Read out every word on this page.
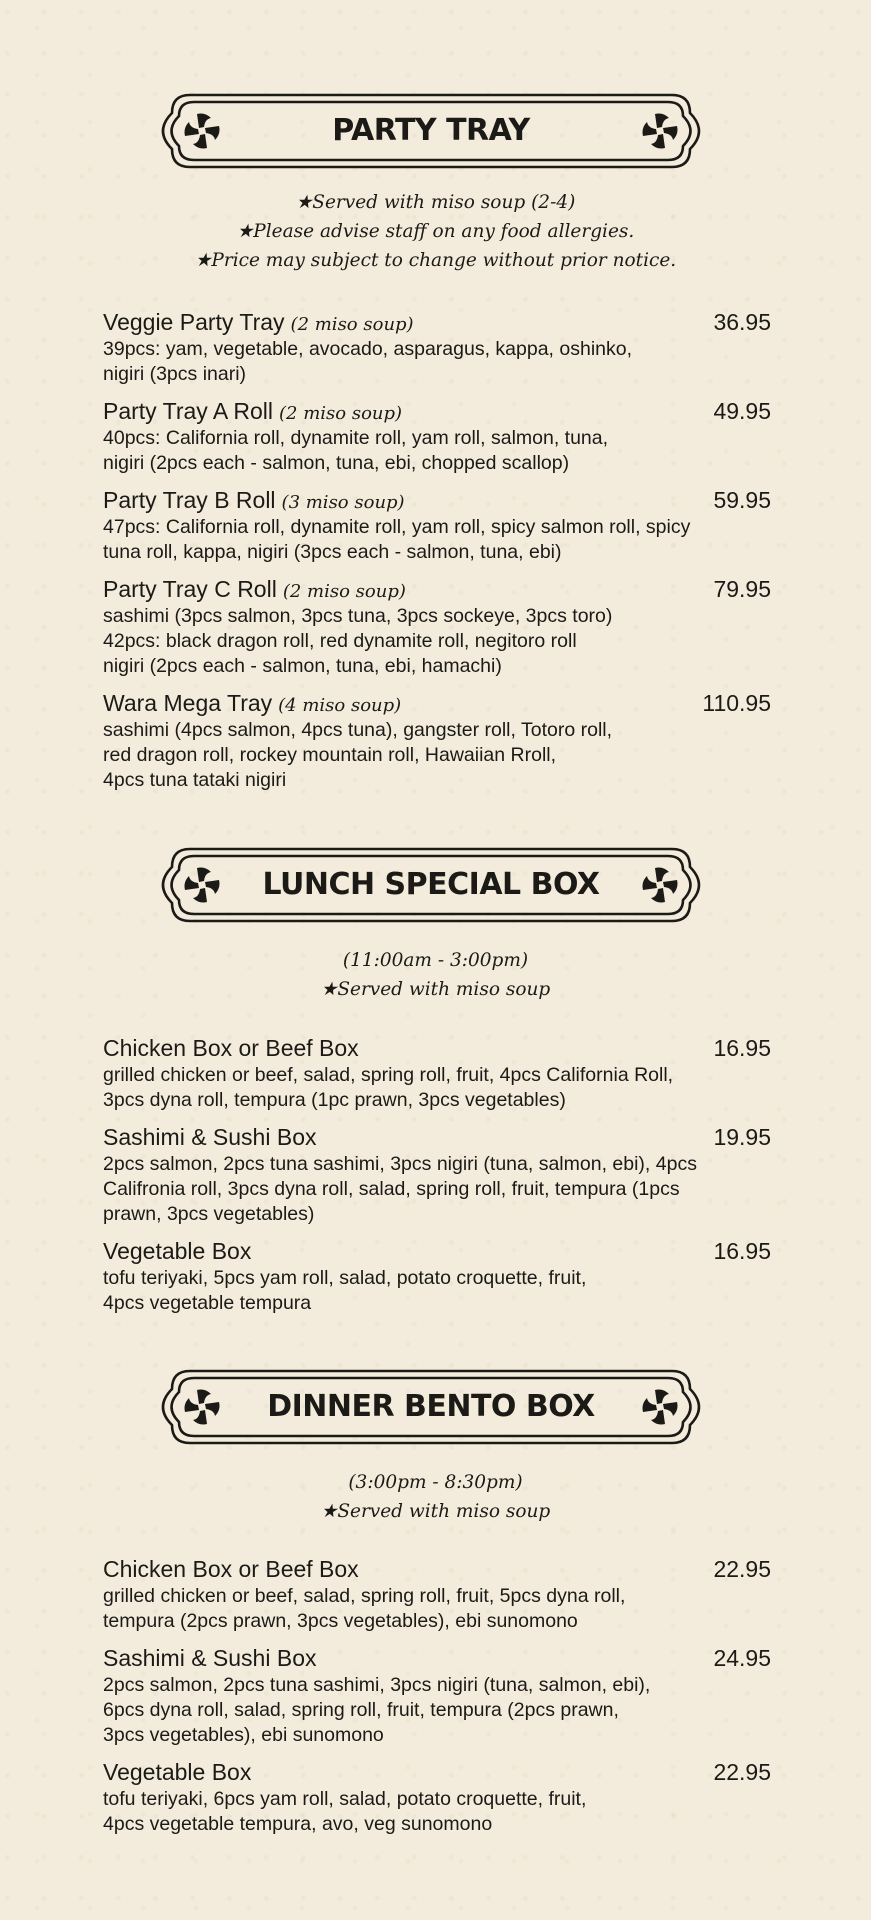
PARTY TRAY
★Served with miso soup (2-4)
★Please advise staff on any food allergies.
★Price may subject to change without prior notice.
Veggie Party Tray (2 miso soup)	36.95
39pcs: yam, vegetable, avocado, asparagus, kappa, oshinko,
nigiri (3pcs inari)
Party Tray A Roll (2 miso soup)	49.95
40pcs: California roll, dynamite roll, yam roll, salmon, tuna,
nigiri (2pcs each - salmon, tuna, ebi, chopped scallop)
Party Tray B Roll (3 miso soup)	59.95
47pcs: California roll, dynamite roll, yam roll, spicy salmon roll, spicy
tuna roll, kappa, nigiri (3pcs each - salmon, tuna, ebi)
Party Tray C Roll (2 miso soup)	79.95
sashimi (3pcs salmon, 3pcs tuna, 3pcs sockeye, 3pcs toro)
42pcs: black dragon roll, red dynamite roll, negitoro roll
nigiri (2pcs each - salmon, tuna, ebi, hamachi)
Wara Mega Tray (4 miso soup)	110.95
sashimi (4pcs salmon, 4pcs tuna), gangster roll, Totoro roll,
red dragon roll, rockey mountain roll, Hawaiian Rroll,
4pcs tuna tataki nigiri
LUNCH SPECIAL BOX
(11:00am - 3:00pm)
★Served with miso soup
Chicken Box or Beef Box	16.95
grilled chicken or beef, salad, spring roll, fruit, 4pcs California Roll,
3pcs dyna roll, tempura (1pc prawn, 3pcs vegetables)
Sashimi & Sushi Box	19.95
2pcs salmon, 2pcs tuna sashimi, 3pcs nigiri (tuna, salmon, ebi), 4pcs
Califronia roll, 3pcs dyna roll, salad, spring roll, fruit, tempura (1pcs
prawn, 3pcs vegetables)
Vegetable Box	16.95
tofu teriyaki, 5pcs yam roll, salad, potato croquette, fruit,
4pcs vegetable tempura
DINNER BENTO BOX
(3:00pm - 8:30pm)
★Served with miso soup
Chicken Box or Beef Box	22.95
grilled chicken or beef, salad, spring roll, fruit, 5pcs dyna roll,
tempura (2pcs prawn, 3pcs vegetables), ebi sunomono
Sashimi & Sushi Box	24.95
2pcs salmon, 2pcs tuna sashimi, 3pcs nigiri (tuna, salmon, ebi),
6pcs dyna roll, salad, spring roll, fruit, tempura (2pcs prawn,
3pcs vegetables), ebi sunomono
Vegetable Box	22.95
tofu teriyaki, 6pcs yam roll, salad, potato croquette, fruit,
4pcs vegetable tempura, avo, veg sunomono
